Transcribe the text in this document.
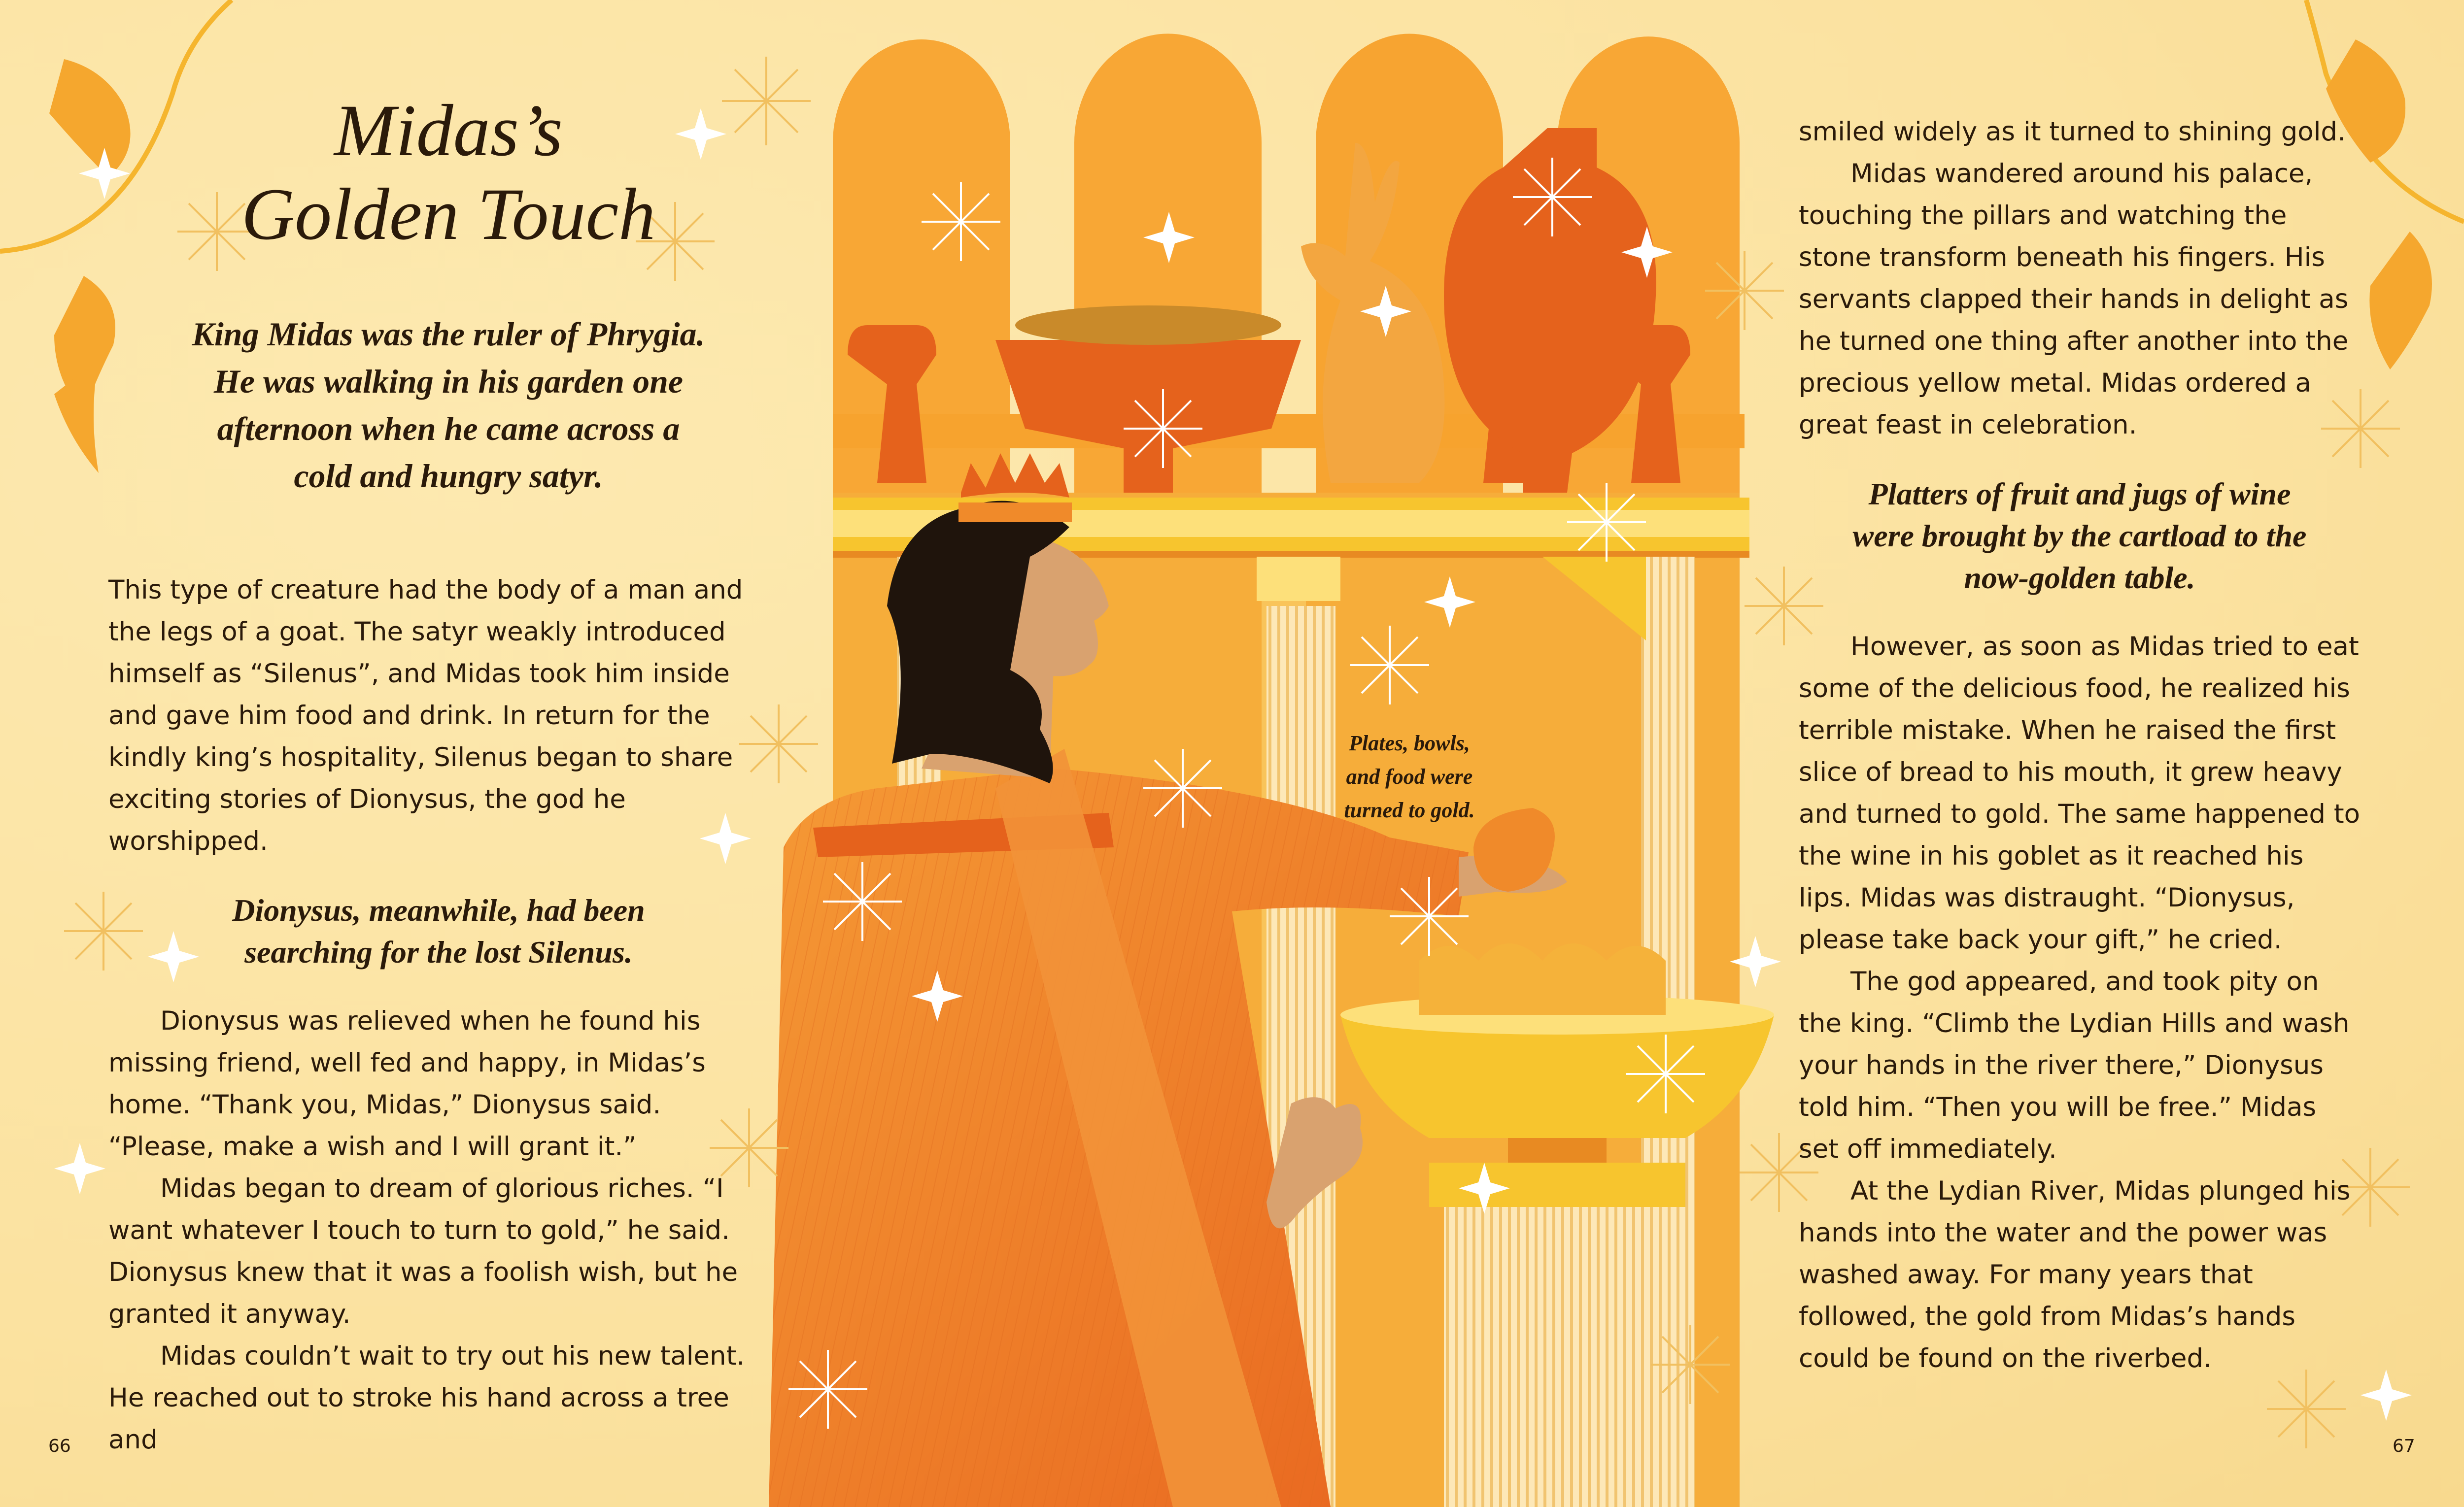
Midas’s
Golden Touch
King Midas was the ruler of Phrygia.
He was walking in his garden one
afternoon when he came across a
cold and hungry satyr.

This type of creature had the body of a man and the legs of a goat. The satyr weakly introduced himself as “Silenus”, and Midas took him inside and gave him food and drink. In return for the kindly king’s hospitality, Silenus began to share exciting stories of Dionysus, the god he worshipped.

Dionysus, meanwhile, had been
searching for the lost Silenus.

Dionysus was relieved when he found his missing friend, well fed and happy, in Midas’s home. “Thank you, Midas,” Dionysus said. “Please, make a wish and I will grant it.”

Midas began to dream of glorious riches. “I want whatever I touch to turn to gold,” he said. Dionysus knew that it was a foolish wish, but he granted it anyway.

Midas couldn’t wait to try out his new talent. He reached out to stroke his hand across a tree and

Plates, bowls,
and food were
turned to gold.

smiled widely as it turned to shining gold.

Midas wandered around his palace, touching the pillars and watching the stone transform beneath his fingers. His servants clapped their hands in delight as he turned one thing after another into the precious yellow metal. Midas ordered a great feast in celebration.

Platters of fruit and jugs of wine
were brought by the cartload to the
now-golden table.

However, as soon as Midas tried to eat some of the delicious food, he realized his terrible mistake. When he raised the first slice of bread to his mouth, it grew heavy and turned to gold. The same happened to the wine in his goblet as it reached his lips. Midas was distraught. “Dionysus, please take back your gift,” he cried.

The god appeared, and took pity on the king. “Climb the Lydian Hills and wash your hands in the river there,” Dionysus told him. “Then you will be free.” Midas set off immediately.

At the Lydian River, Midas plunged his hands into the water and the power was washed away. For many years that followed, the gold from Midas’s hands could be found on the riverbed.

66	67
